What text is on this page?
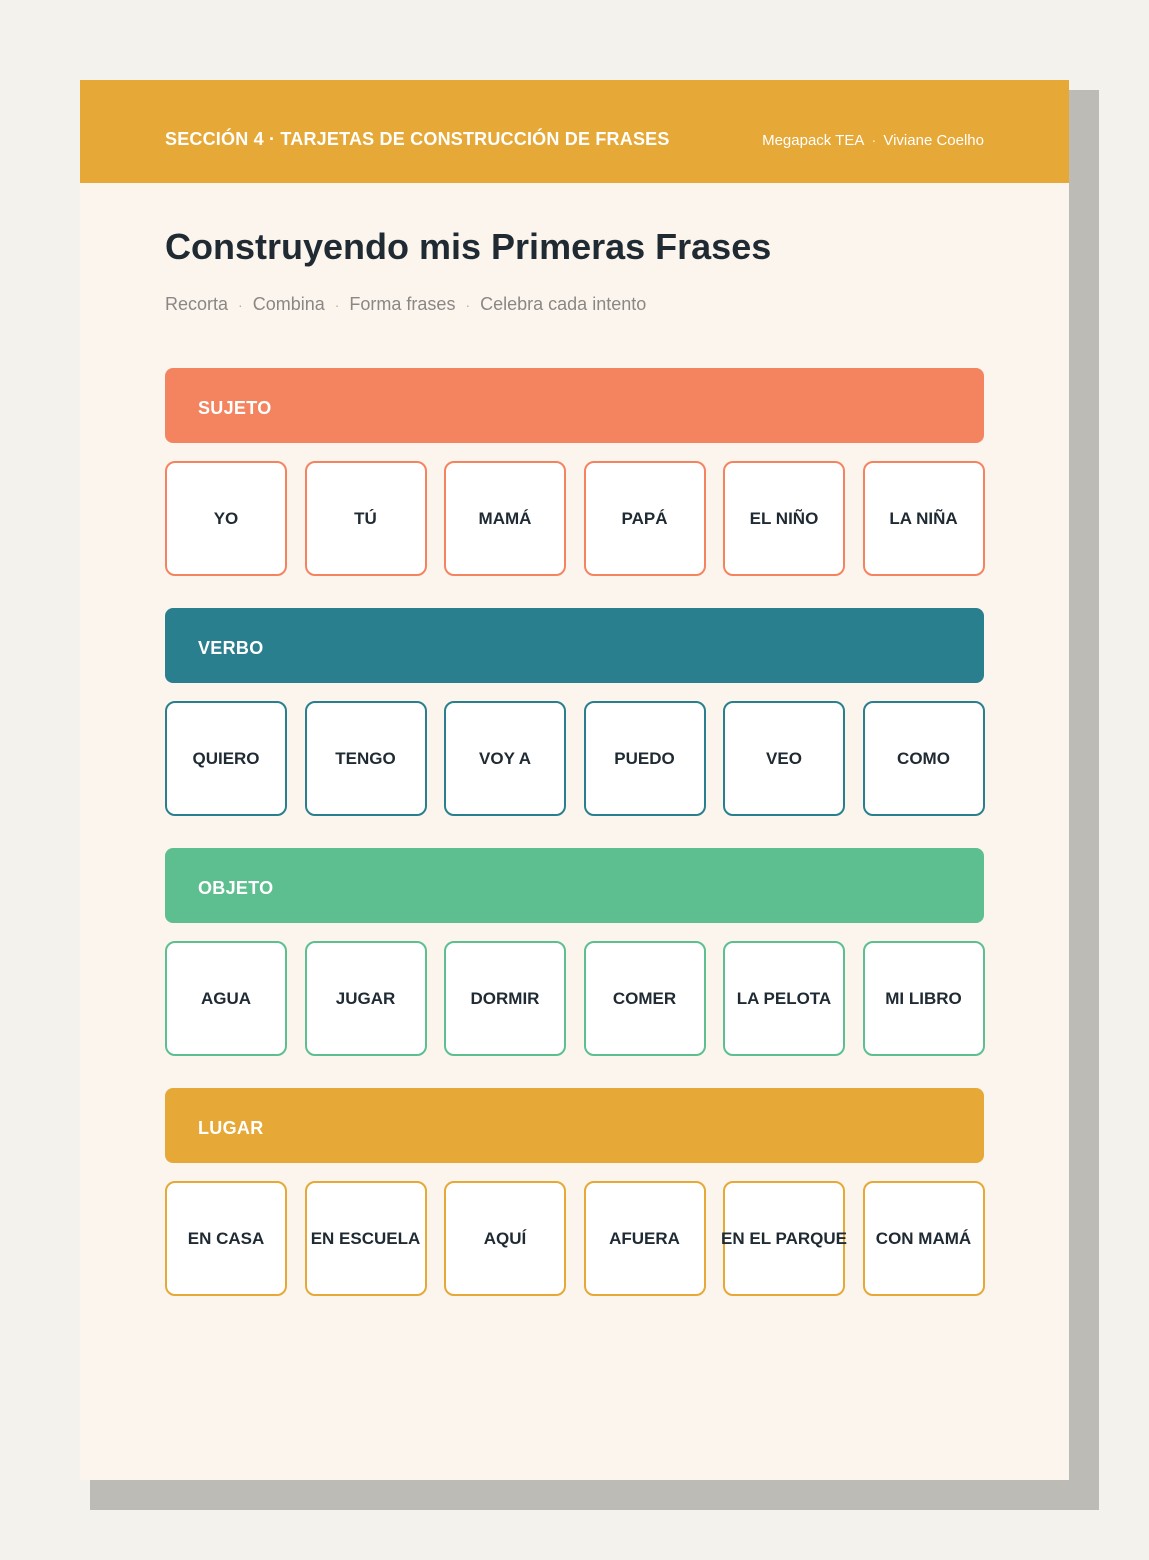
SECCIÓN 4 · TARJETAS DE CONSTRUCCIÓN DE FRASES	Megapack TEA · Viviane Coelho
Construyendo mis Primeras Frases
Recorta · Combina · Forma frases · Celebra cada intento
SUJETO
YO	TÚ	MAMÁ	PAPÁ	EL NIÑO	LA NIÑA
VERBO
QUIERO	TENGO	VOY A	PUEDO	VEO	COMO
OBJETO
AGUA	JUGAR	DORMIR	COMER	LA PELOTA	MI LIBRO
LUGAR
EN CASA	EN ESCUELA	AQUÍ	AFUERA	EN EL PARQUE	CON MAMÁ
